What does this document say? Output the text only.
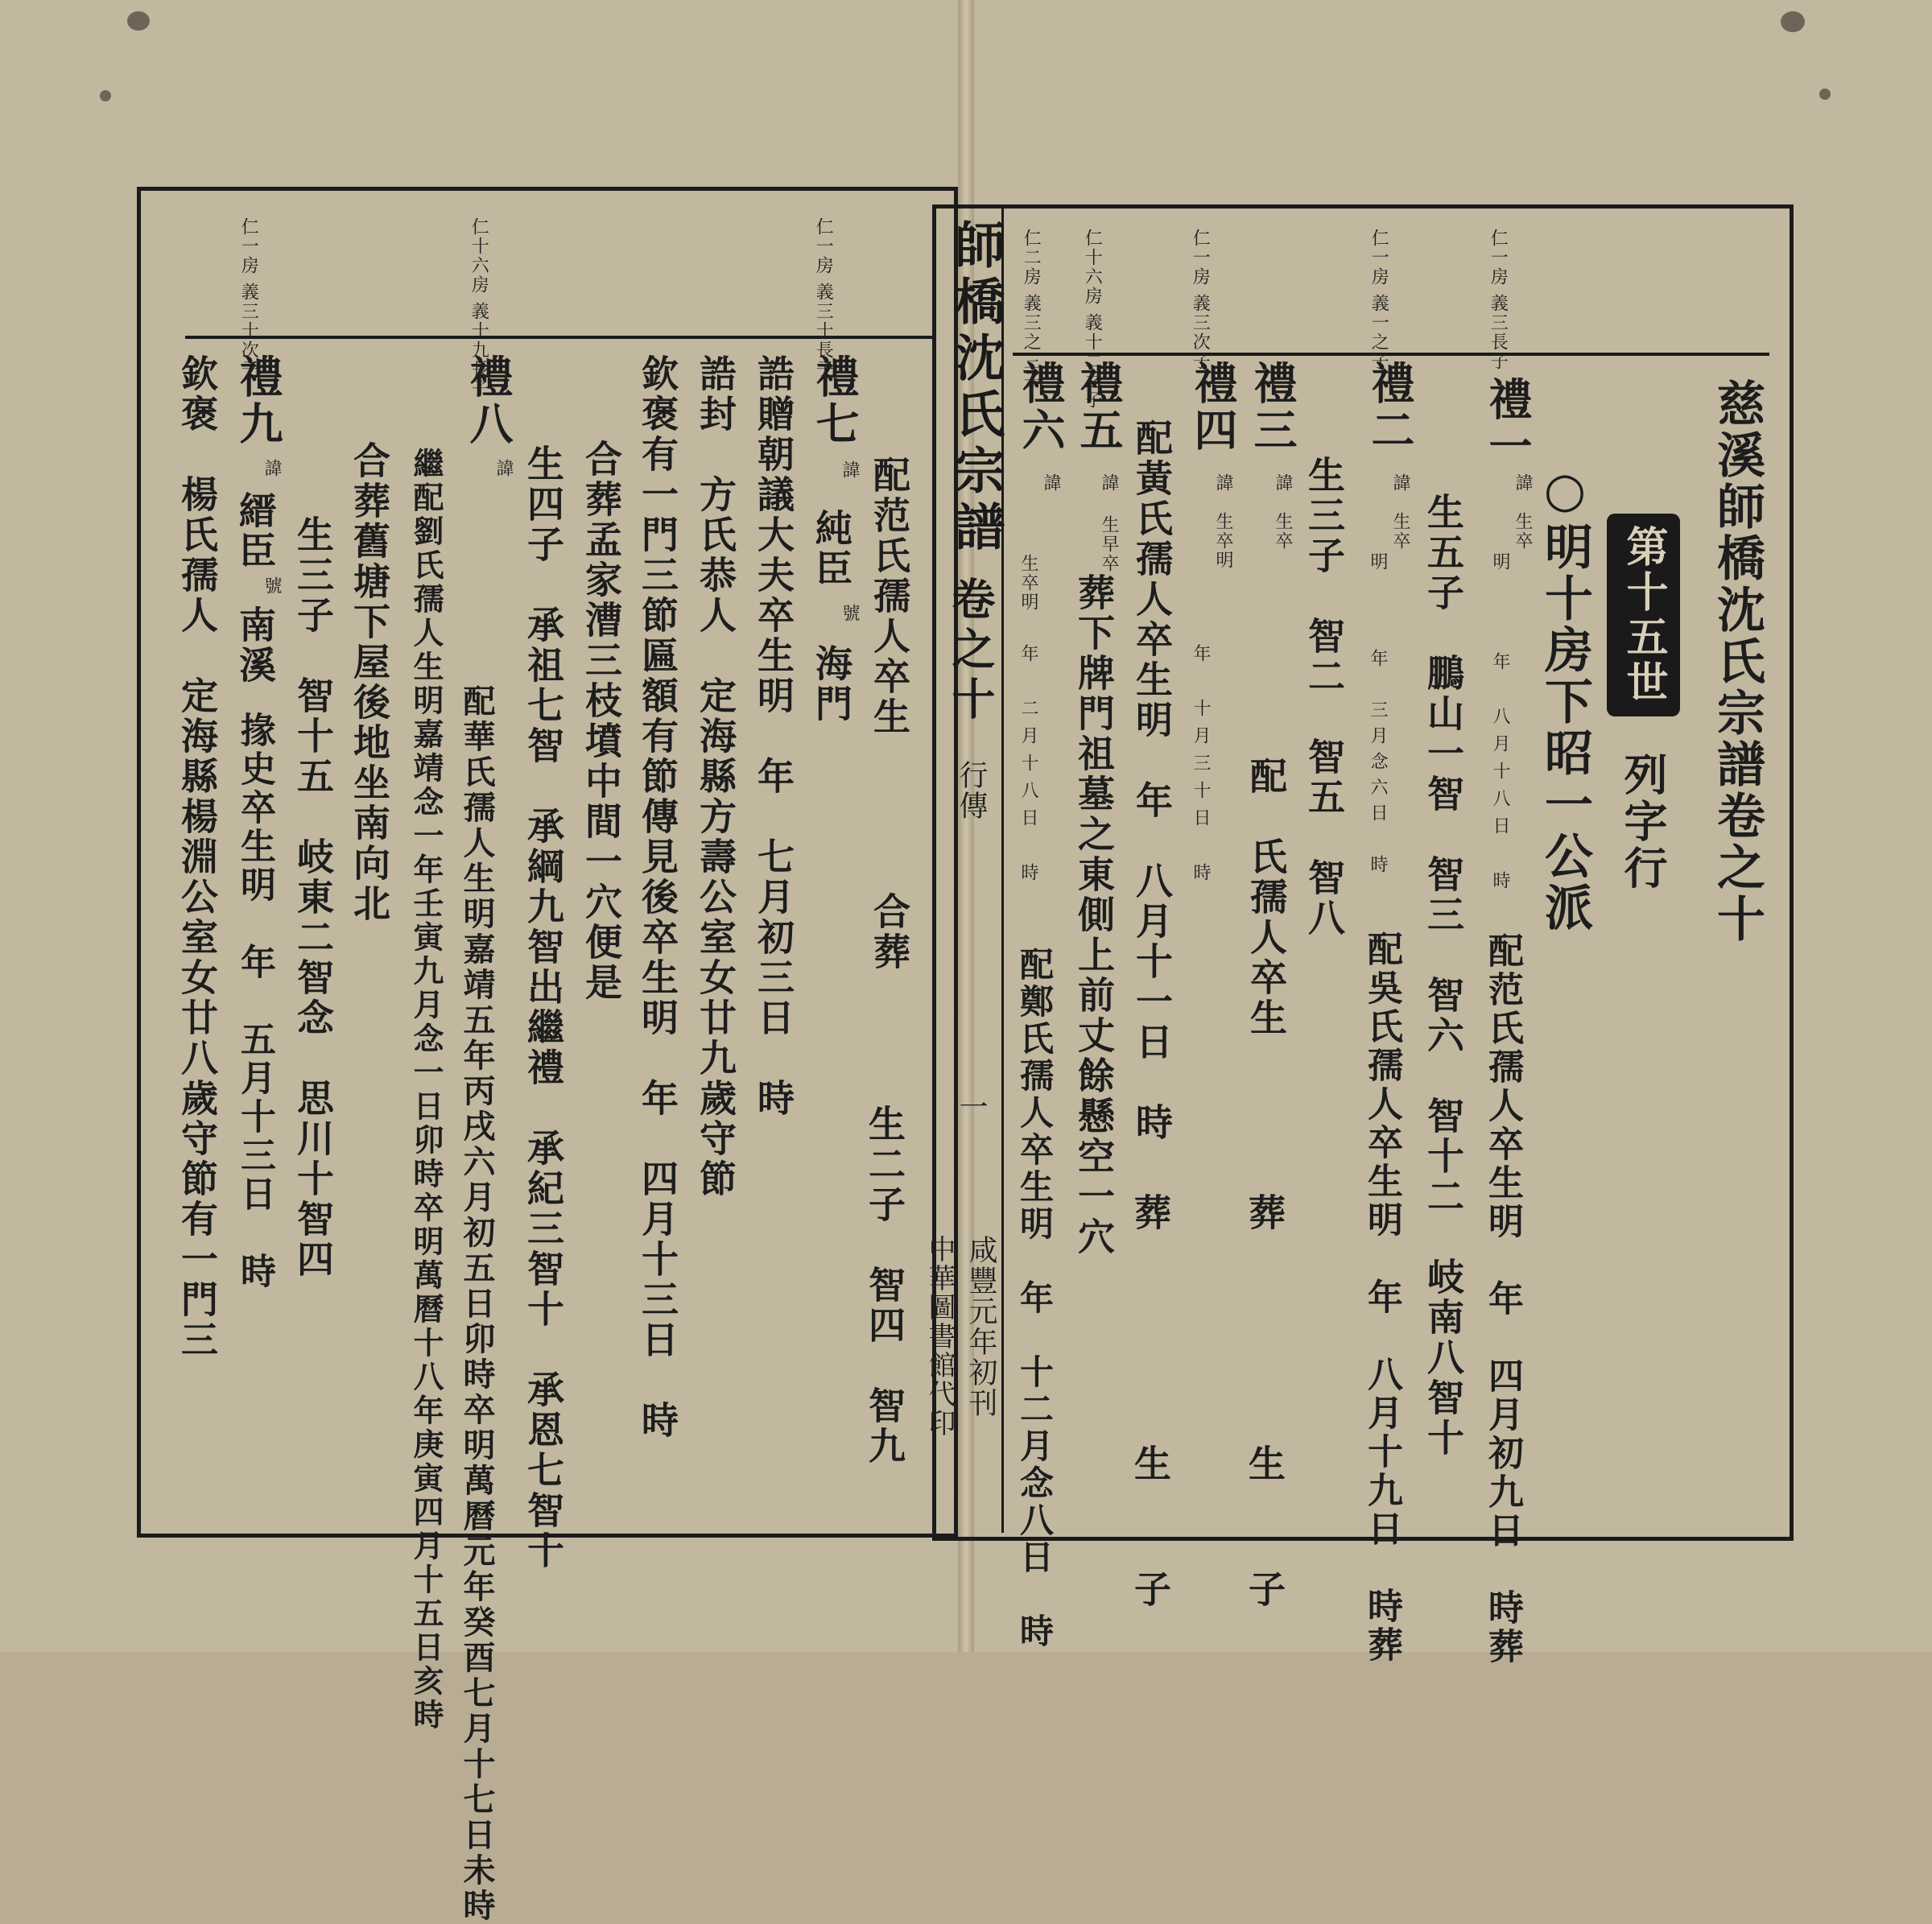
慈溪師橋沈氏宗譜卷之十
第十五世
列字行
○明十房下昭一公派
仁一房 義三長子
仁一房 義一之子
仁一房 義三次子
仁十六房 義十二之子
仁二房 義三之三子
禮一
諱
生卒
明
年　八月十八日　時
生五子　鵬山一智　智三　智六　智十二　岐南八智十 配范氏孺人卒生明　年　四月初九日　時葬
禮二
諱
生卒
明
年　三月念六日　時
生三子　智二　智五　智八
配吳氏孺人卒生明　年　八月十九日　時葬
禮三
諱　生卒
配　氏孺人卒生
葬　生子
禮四
諱　生卒明
年　十月三十日　時
配黃氏孺人卒生明　年　八月十一日　時
葬　生子
禮五
諱
生早卒
葬下牌門祖墓之東側上前丈餘懸空一穴
禮六
諱
生卒明
年　二月十八日　時
配鄭氏孺人卒生明　年　十二月念八日　時
師橋沈氏宗譜
卷之十
行傳
一
咸豐元年初刊
中華圖書館代印
仁一房 義三十長子
仁十六房 義十九長子
仁一房 義三十次子
禮七
諱
純臣
號
海門 配范氏孺人卒生
合葬
生二子　智四　智九
誥贈朝議大夫卒生明　年　七月初三日　時
誥封　方氏恭人　定海縣方壽公室女廿九歲守節
欽褒有一門三節匾額有節傳見後卒生明　年　四月十三日　時
合葬孟家漕三枝墳中間一穴便是
生四子　承祖七智　承綱九智出繼禮　承紀三智十　承恩七智十
禮八
諱
配華氏孺人生明嘉靖五年丙戌六月初五日卯時卒明萬曆元年癸酉七月十七日未時
繼配劉氏孺人生明嘉靖念一年壬寅九月念一日卯時卒明萬曆十八年庚寅四月十五日亥時
合葬舊塘下屋後地坐南向北
生三子　智十五　岐東二智念　思川十智四
禮九
諱
縉臣
號
南溪
掾史卒生明　年　五月十三日　時
欽褒　楊氏孺人　定海縣楊淵公室女廿八歲守節有一門三
